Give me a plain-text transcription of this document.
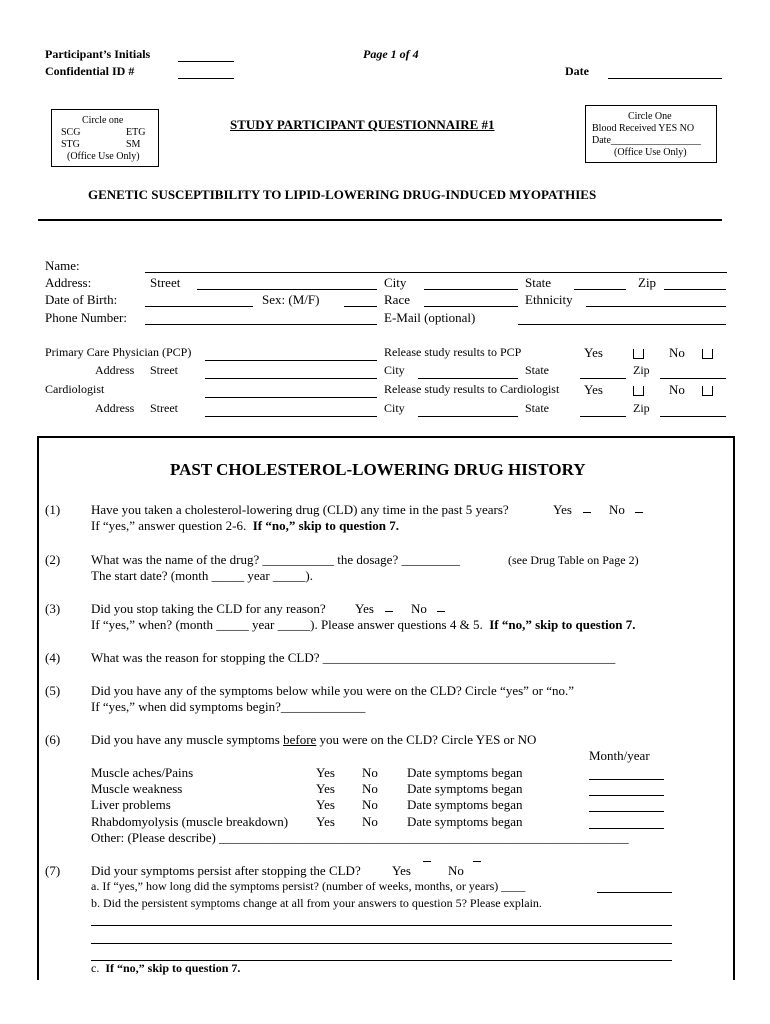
Participant’s Initials
Confidential ID #
Page 1 of 4
Date
Circle one
SCG	ETG
STG	SM
(Office Use Only)
STUDY PARTICIPANT QUESTIONNAIRE #1
Circle One
Blood Received YES NO
Date__________________
(Office Use Only)
GENETIC SUSCEPTIBILITY TO LIPID-LOWERING DRUG-INDUCED MYOPATHIES
Name:
Address:	Street	City	State	Zip
Date of Birth:	Sex: (M/F)	Race	Ethnicity
Phone Number:	E-Mail (optional)
Primary Care Physician (PCP)	Release study results to PCP	Yes	No
Address Street	City	State	Zip
Cardiologist	Release study results to Cardiologist Yes	No
Address Street	City	State	Zip
PAST CHOLESTEROL-LOWERING DRUG HISTORY
(1) Have you taken a cholesterol-lowering drug (CLD) any time in the past 5 years?	Yes	No
If “yes,” answer question 2-6. If “no,” skip to question 7.
(2) What was the name of the drug? ___________ the dosage? _________	(see Drug Table on Page 2)
The start date? (month _____ year _____).
(3) Did you stop taking the CLD for any reason? Yes	No
If “yes,” when? (month _____ year _____). Please answer questions 4 & 5. If “no,” skip to question 7.
(4) What was the reason for stopping the CLD? _____________________________________________
(5) Did you have any of the symptoms below while you were on the CLD? Circle “yes” or “no.”
If “yes,” when did symptoms begin?_____________
(6) Did you have any muscle symptoms before you were on the CLD? Circle YES or NO
Month/year
Muscle aches/Pains	Yes No Date symptoms began
Muscle weakness	Yes No Date symptoms began
Liver problems	Yes No Date symptoms began
Rhabdomyolysis (muscle breakdown) Yes No Date symptoms began
Other: (Please describe) _______________________________________________________________
(7) Did your symptoms persist after stopping the CLD? Yes	No
a. If “yes,” how long did the symptoms persist? (number of weeks, months, or years) ____
b. Did the persistent symptoms change at all from your answers to question 5? Please explain.
c. If “no,” skip to question 7.
